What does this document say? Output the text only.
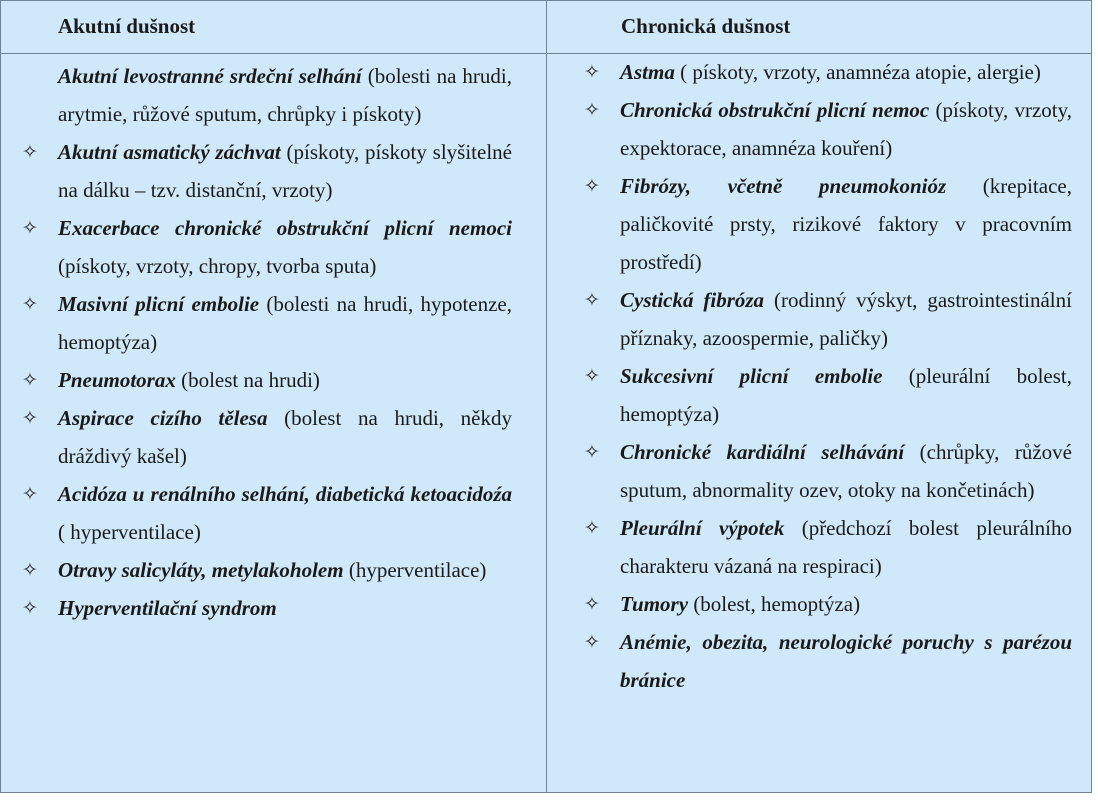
Akutní dušnost	Chronická dušnost
Akutní levostranné srdeční selhání (bolesti na hrudi, arytmie, růžové sputum, chrůpky i pískoty)
✧ Akutní asmatický záchvat (pískoty, pískoty slyšitelné na dálku – tzv. distanční, vrzoty)
✧ Exacerbace chronické obstrukční plicní nemoci (pískoty, vrzoty, chropy, tvorba sputa)
✧ Masivní plicní embolie (bolesti na hrudi, hypotenze, hemoptýza)
✧ Pneumotorax (bolest na hrudi)
✧ Aspirace cizího tělesa (bolest na hrudi, někdy dráždivý kašel)
✧ Acidóza u renálního selhání, diabetická ketoacidoźa ( hyperventilace)
✧ Otravy salicyláty, metylakoholem (hyperventilace)
✧ Hyperventilační syndrom
✧ Astma ( pískoty, vrzoty, anamnéza atopie, alergie)
✧ Chronická obstrukční plicní nemoc (pískoty, vrzoty, expektorace, anamnéza kouření)
✧ Fibrózy, včetně pneumokonióz (krepitace, paličkovité prsty, rizikové faktory v pracovním prostředí)
✧ Cystická fibróza (rodinný výskyt, gastrointestinální příznaky, azoospermie, paličky)
✧ Sukcesivní plicní embolie (pleurální bolest, hemoptýza)
✧ Chronické kardiální selhávání (chrůpky, růžové sputum, abnormality ozev, otoky na končetinách)
✧ Pleurální výpotek (předchozí bolest pleurálního charakteru vázaná na respiraci)
✧ Tumory (bolest, hemoptýza)
✧ Anémie, obezita, neurologické poruchy s parézou bránice
